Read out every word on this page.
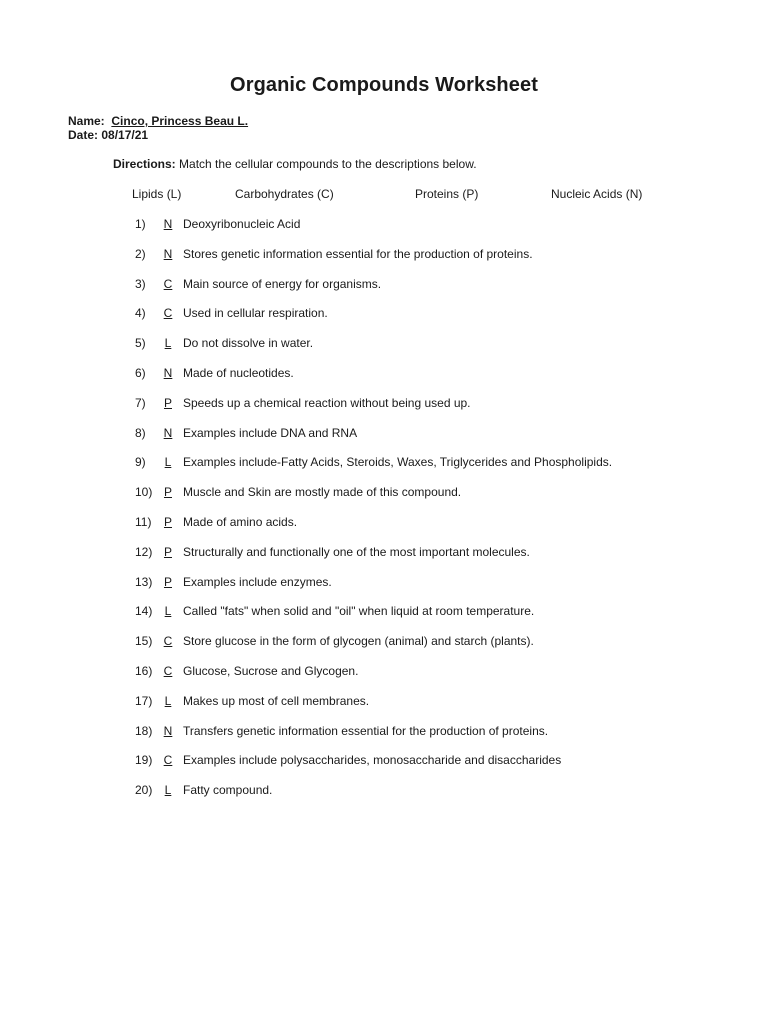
Organic Compounds Worksheet
Name: Cinco, Princess Beau L.
Date: 08/17/21
Directions: Match the cellular compounds to the descriptions below.
Lipids (L)	Carbohydrates (C)	Proteins (P)	Nucleic Acids (N)
1) N Deoxyribonucleic Acid
2) N Stores genetic information essential for the production of proteins.
3) C Main source of energy for organisms.
4) C Used in cellular respiration.
5) L Do not dissolve in water.
6) N Made of nucleotides.
7) P Speeds up a chemical reaction without being used up.
8) N Examples include DNA and RNA
9) L Examples include-Fatty Acids, Steroids, Waxes, Triglycerides and Phospholipids.
10) P Muscle and Skin are mostly made of this compound.
11) P Made of amino acids.
12) P Structurally and functionally one of the most important molecules.
13) P Examples include enzymes.
14) L Called "fats" when solid and "oil" when liquid at room temperature.
15) C Store glucose in the form of glycogen (animal) and starch (plants).
16) C Glucose, Sucrose and Glycogen.
17) L Makes up most of cell membranes.
18) N Transfers genetic information essential for the production of proteins.
19) C Examples include polysaccharides, monosaccharide and disaccharides
20) L Fatty compound.
